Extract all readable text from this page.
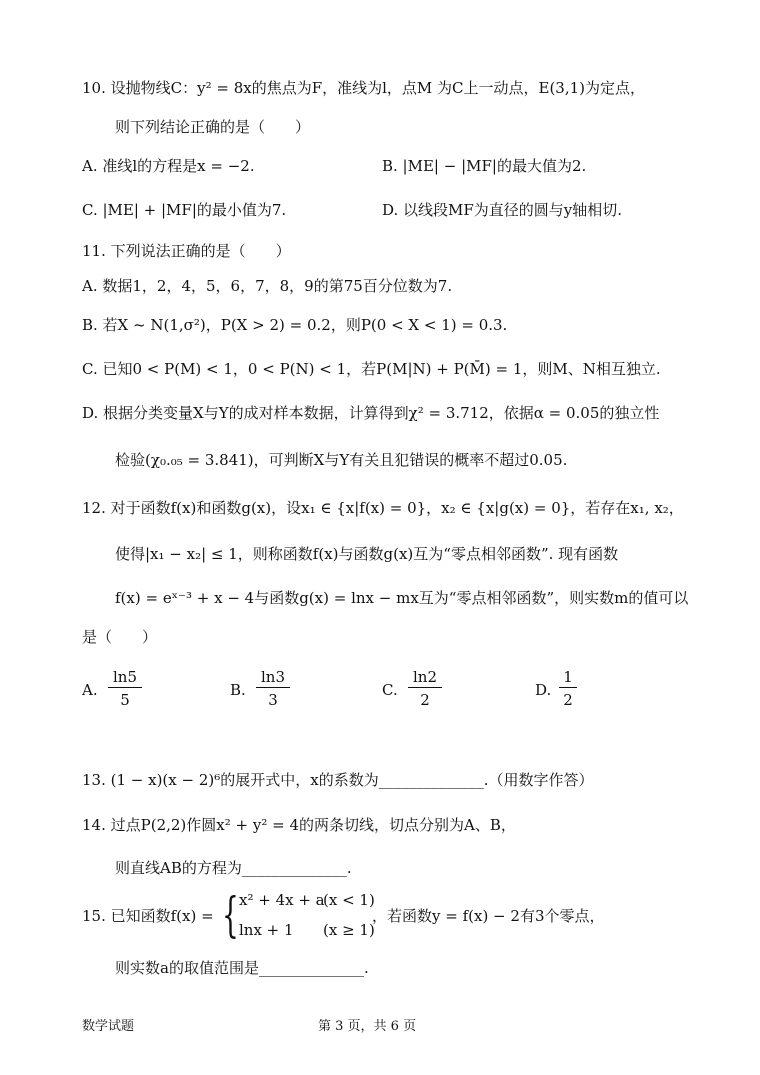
10. 设抛物线C：y² = 8x的焦点为F，准线为l，点M 为C上一动点，E(3,1)为定点，
则下列结论正确的是（　　）
A. 准线l的方程是x = −2.	B. |ME| − |MF|的最大值为2.
C. |ME| + |MF|的最小值为7.	D. 以线段MF为直径的圆与y轴相切.
11. 下列说法正确的是（　　）
A. 数据1，2，4，5，6，7，8，9的第75百分位数为7.
B. 若X ~ N(1,σ²)，P(X > 2) = 0.2，则P(0 < X < 1) = 0.3.
C. 已知0 < P(M) < 1，0 < P(N) < 1，若P(M|N) + P(M̄) = 1，则M、N相互独立.
D. 根据分类变量X与Y的成对样本数据，计算得到χ² = 3.712，依据α = 0.05的独立性
检验(χ₀.₀₅ = 3.841)，可判断X与Y有关且犯错误的概率不超过0.05.
12. 对于函数f(x)和函数g(x)，设x₁ ∈ {x|f(x) = 0}，x₂ ∈ {x|g(x) = 0}，若存在x₁, x₂，
使得|x₁ − x₂| ≤ 1，则称函数f(x)与函数g(x)互为“零点相邻函数”. 现有函数
f(x) = eˣ⁻³ + x − 4与函数g(x) = lnx − mx互为“零点相邻函数”，则实数m的值可以
是（　　）
A.
ln5
5
B.
ln3
3
C.
ln2
2
D.
1
2
13. (1 − x)(x − 2)⁶的展开式中，x的系数为______________.（用数字作答）
14. 过点P(2,2)作圆x² + y² = 4的两条切线，切点分别为A、B，
则直线AB的方程为______________.
15. 已知函数f(x) = { x² + 4x + a
(x < 1)
lnx + 1 (x ≥ 1)
，若函数y = f(x) − 2有3个零点，
则实数a的取值范围是______________.
数学试题	第 3 页，共 6 页
